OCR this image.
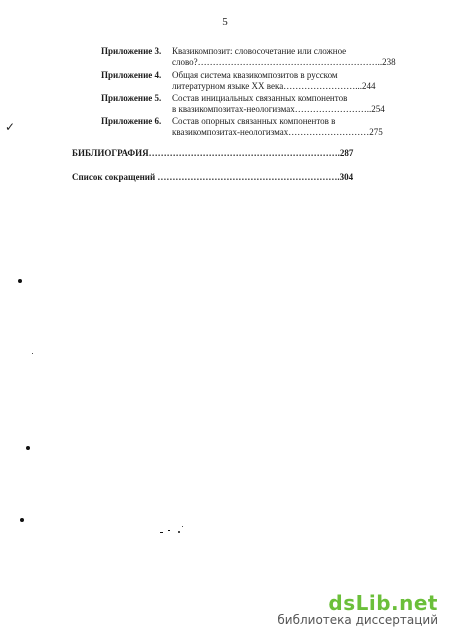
5
Приложение 3. Квазикомпозит: словосочетание или сложное
слово?……………………………………………………..238
Приложение 4. Общая система квазикомпозитов в русском
литературном языке XX века……………………...244
Приложение 5. Состав инициальных связанных компонентов
в квазикомпозитах-неологизмах……………………..254
Приложение 6. Состав опорных связанных компонентов в
квазикомпозитах-неологизмах………………………275
БИБЛИОГРАФИЯ……………………………………………………….287
Список сокращений …………………………………………………….304
✓
dsLib.net
библиотека диссертаций
